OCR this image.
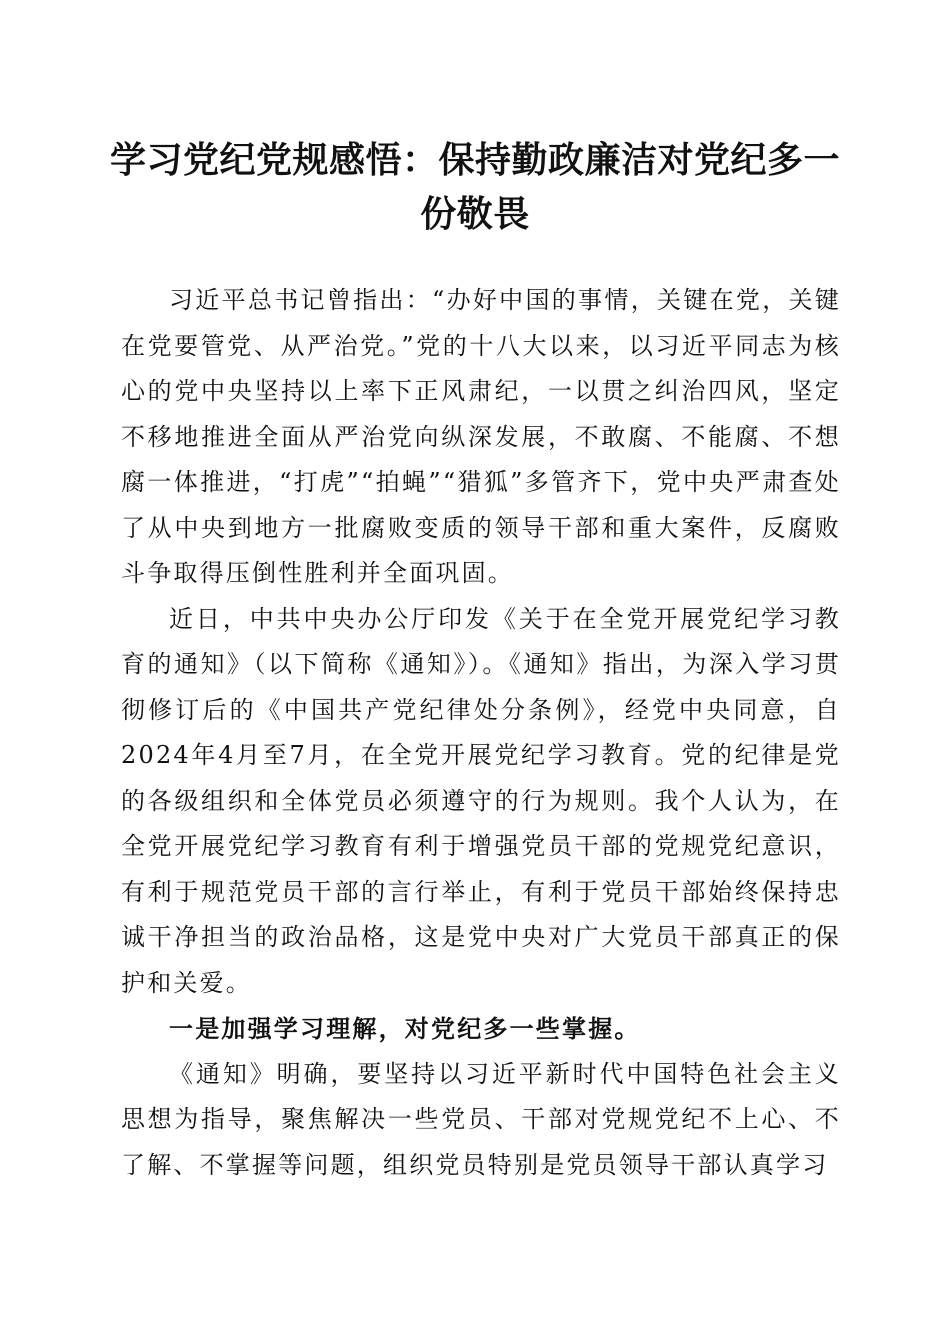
学习党纪党规感悟：保持勤政廉洁对党纪多一份敬畏

习近平总书记曾指出：“办好中国的事情，关键在党，关键在党要管党、从严治党。”党的十八大以来，以习近平同志为核心的党中央坚持以上率下正风肃纪，一以贯之纠治四风，坚定不移地推进全面从严治党向纵深发展，不敢腐、不能腐、不想腐一体推进，“打虎”“拍蝇”“猎狐”多管齐下，党中央严肃查处了从中央到地方一批腐败变质的领导干部和重大案件，反腐败斗争取得压倒性胜利并全面巩固。

近日，中共中央办公厅印发《关于在全党开展党纪学习教育的通知》（以下简称《通知》）。《通知》指出，为深入学习贯彻修订后的《中国共产党纪律处分条例》，经党中央同意，自2024年4月至7月，在全党开展党纪学习教育。党的纪律是党的各级组织和全体党员必须遵守的行为规则。我个人认为，在全党开展党纪学习教育有利于增强党员干部的党规党纪意识，有利于规范党员干部的言行举止，有利于党员干部始终保持忠诚干净担当的政治品格，这是党中央对广大党员干部真正的保护和关爱。

一是加强学习理解，对党纪多一些掌握。

《通知》明确，要坚持以习近平新时代中国特色社会主义思想为指导，聚焦解决一些党员、干部对党规党纪不上心、不了解、不掌握等问题，组织党员特别是党员领导干部认真学习
